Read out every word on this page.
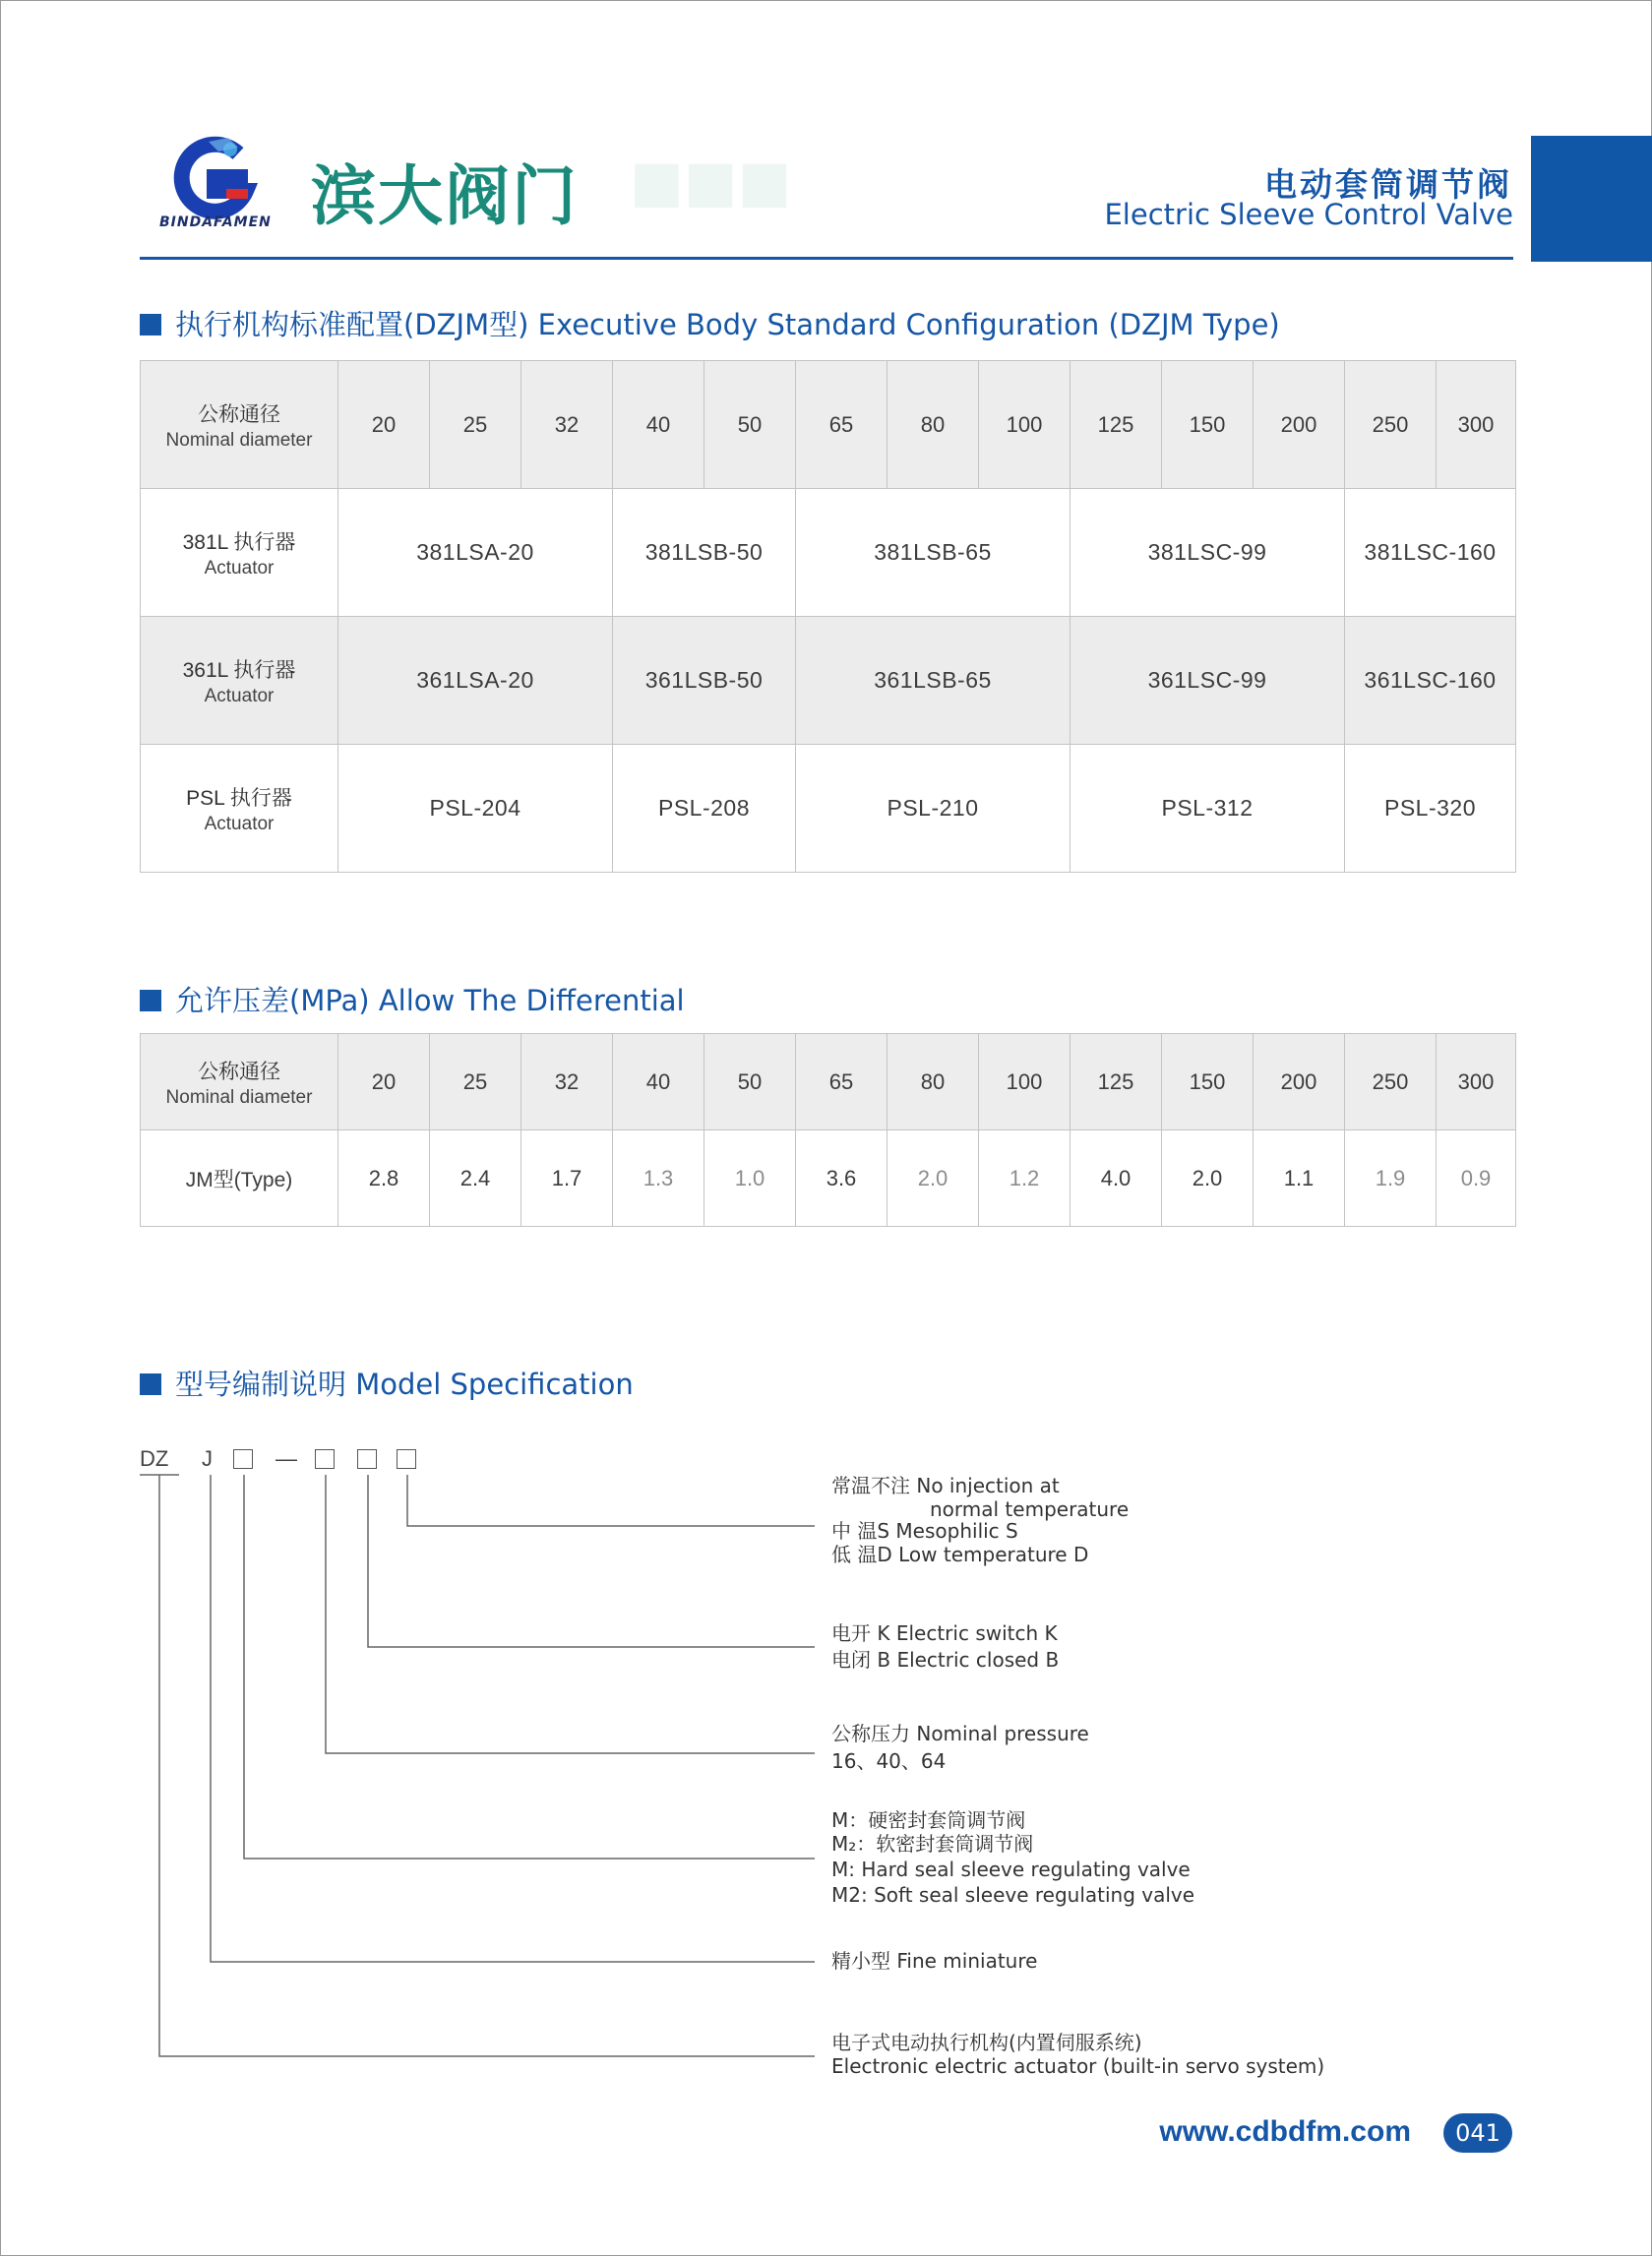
BINDAFAMEN 滨大阀门 ■■■	电动套筒调节阀
Electric Sleeve Control Valve
执行机构标准配置(DZJM型) Executive Body Standard Configuration (DZJM Type)
公称通径
Nominal diameter	20	25	32	40	50	65	80	100	125	150	200	250	300

381L 执行器
Actuator	381LSA-20			381LSB-50		381LSB-65			381LSC-99			381LSC-160	

361L 执行器
Actuator	361LSA-20			361LSB-50		361LSB-65			361LSC-99			361LSC-160	

PSL 执行器
Actuator	PSL-204			PSL-208		PSL-210			PSL-312			PSL-320	
允许压差(MPa) Allow The Differential
公称通径
Nominal diameter	20	25	32	40	50	65	80	100	125	150	200	250	300
JM型(Type)	2.8	2.4	1.7	1.3	1.0	3.6	2.0	1.2	4.0	2.0	1.1	1.9	0.9
型号编制说明 Model Specification
DZ J	—
常温不注 No injection at
normal temperature
中 温S Mesophilic S
低 温D Low temperature D
电开 K Electric switch K
电闭 B Electric closed B
公称压力 Nominal pressure
16、40、64
M：硬密封套筒调节阀
M₂：软密封套筒调节阀
M: Hard seal sleeve regulating valve
M2: Soft seal sleeve regulating valve
精小型 Fine miniature
电子式电动执行机构(内置伺服系统)
Electronic electric actuator (built-in servo system)
www.cdbdfm.com	041
